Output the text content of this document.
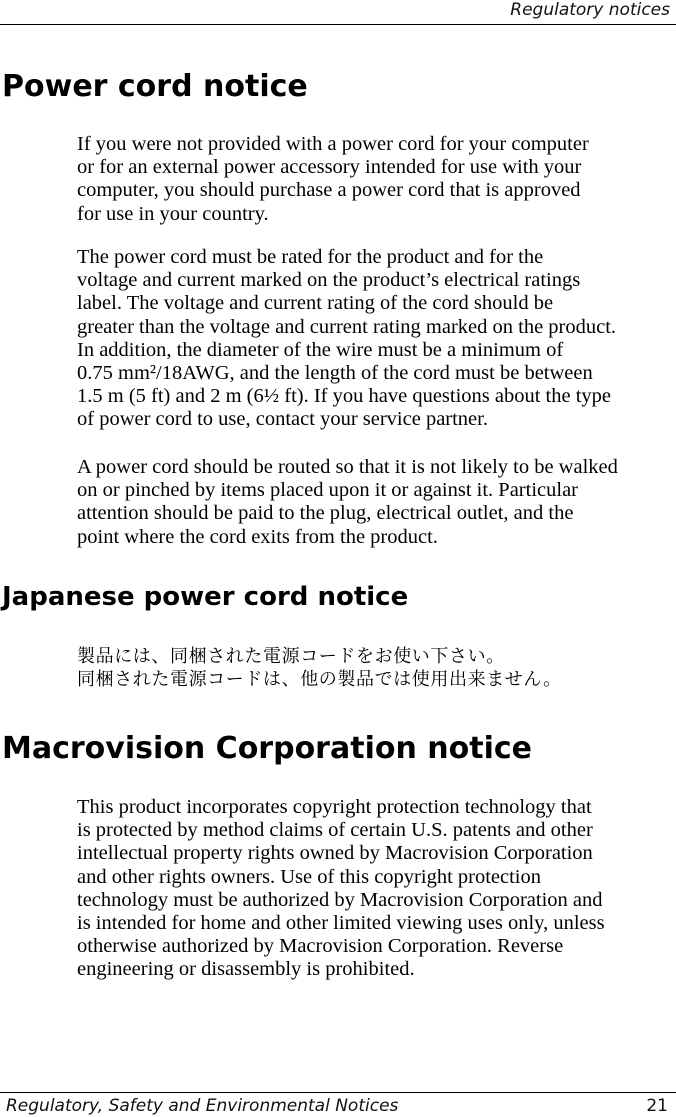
Regulatory notices
Power cord notice

If you were not provided with a power cord for your computer
or for an external power accessory intended for use with your
computer, you should purchase a power cord that is approved
for use in your country.

The power cord must be rated for the product and for the
voltage and current marked on the product’s electrical ratings
label. The voltage and current rating of the cord should be
greater than the voltage and current rating marked on the product.
In addition, the diameter of the wire must be a minimum of
0.75 mm²/18AWG, and the length of the cord must be between
1.5 m (5 ft) and 2 m (6½ ft). If you have questions about the type
of power cord to use, contact your service partner.

A power cord should be routed so that it is not likely to be walked
on or pinched by items placed upon it or against it. Particular
attention should be paid to the plug, electrical outlet, and the
point where the cord exits from the product.

Japanese power cord notice

製品には、同梱された電源コードをお使い下さい。
同梱された電源コードは、他の製品では使用出来ません。

Macrovision Corporation notice

This product incorporates copyright protection technology that
is protected by method claims of certain U.S. patents and other
intellectual property rights owned by Macrovision Corporation
and other rights owners. Use of this copyright protection
technology must be authorized by Macrovision Corporation and
is intended for home and other limited viewing uses only, unless
otherwise authorized by Macrovision Corporation. Reverse
engineering or disassembly is prohibited.

Regulatory, Safety and Environmental Notices	21
